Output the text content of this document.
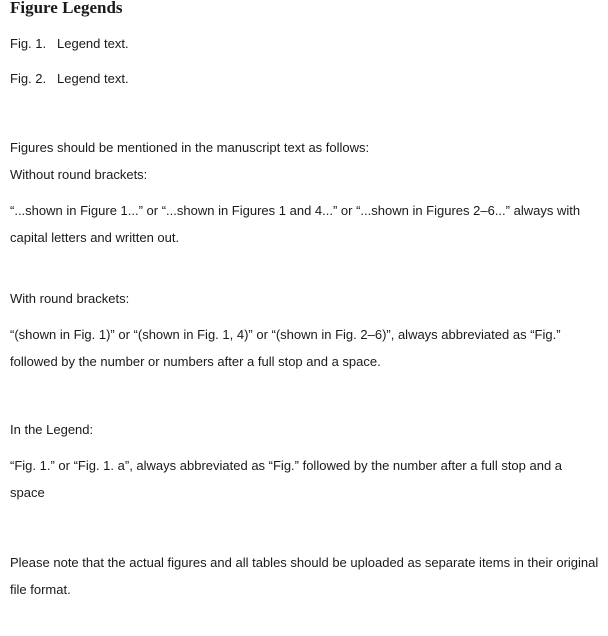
Figure Legends

Fig. 1. Legend text.

Fig. 2. Legend text.

Figures should be mentioned in the manuscript text as follows:

Without round brackets:

“...shown in Figure 1...” or “...shown in Figures 1 and 4...” or “...shown in Figures 2–6...” always with capital letters and written out.

With round brackets:

“(shown in Fig. 1)” or “(shown in Fig. 1, 4)” or “(shown in Fig. 2–6)”, always abbreviated as “Fig.” followed by the number or numbers after a full stop and a space.

In the Legend:

“Fig. 1.” or “Fig. 1. a”, always abbreviated as “Fig.” followed by the number after a full stop and a space

Please note that the actual figures and all tables should be uploaded as separate items in their original file format.
